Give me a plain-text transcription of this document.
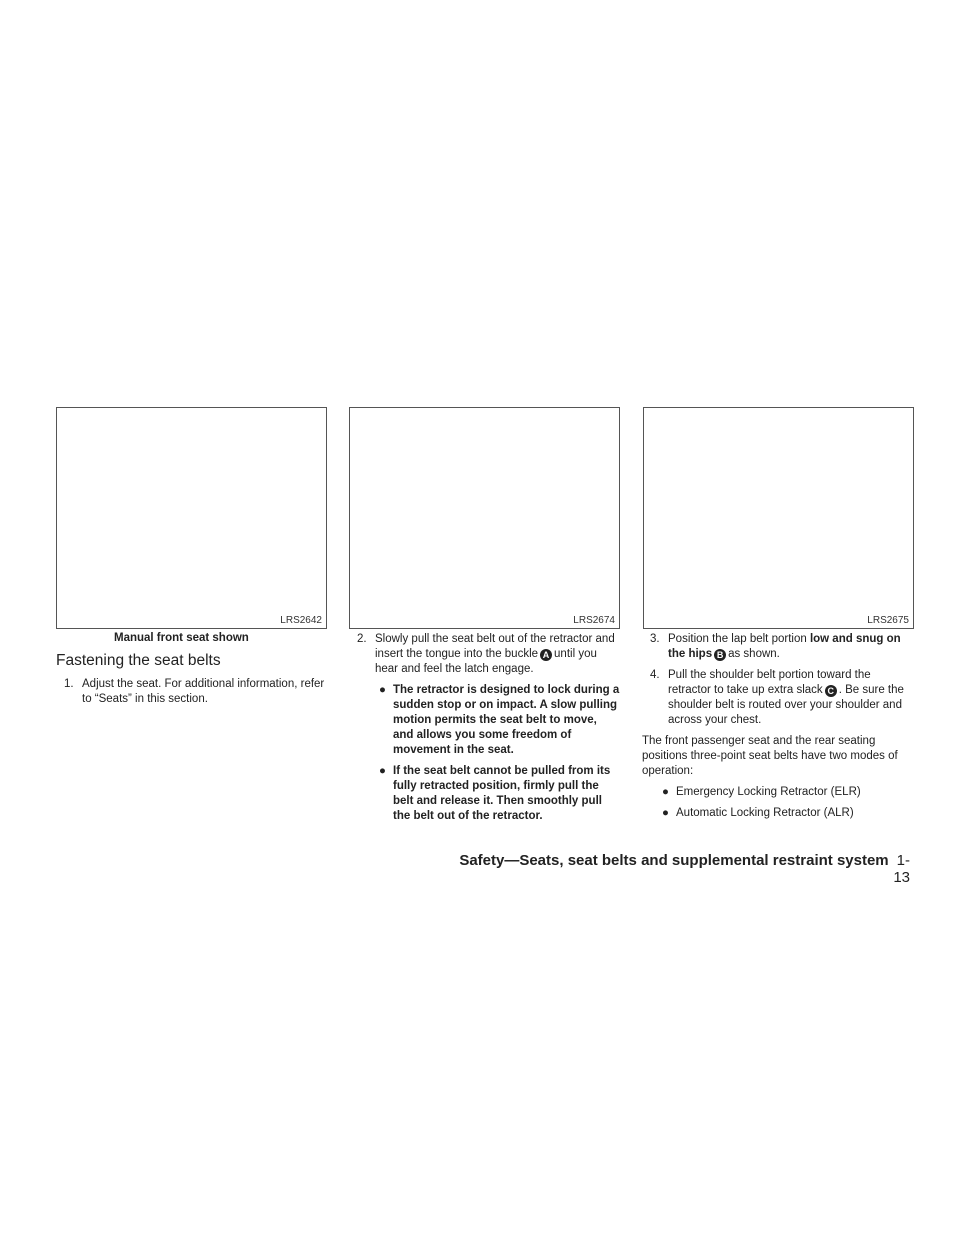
LRS2642	LRS2674	LRS2675
Manual front seat shown
Fastening the seat belts
1. Adjust the seat. For additional information, refer to “Seats” in this section.
2. Slowly pull the seat belt out of the retractor and insert the tongue into the buckle A until you hear and feel the latch engage.
● The retractor is designed to lock during a sudden stop or on impact. A slow pulling motion permits the seat belt to move, and allows you some freedom of movement in the seat.
● If the seat belt cannot be pulled from its fully retracted position, firmly pull the belt and release it. Then smoothly pull the belt out of the retractor.
3. Position the lap belt portion low and snug on the hips B as shown.
4. Pull the shoulder belt portion toward the retractor to take up extra slack C . Be sure the shoulder belt is routed over your shoulder and across your chest.
The front passenger seat and the rear seating positions three-point seat belts have two modes of operation:
● Emergency Locking Retractor (ELR)
● Automatic Locking Retractor (ALR)
Safety—Seats, seat belts and supplemental restraint system 1-13
